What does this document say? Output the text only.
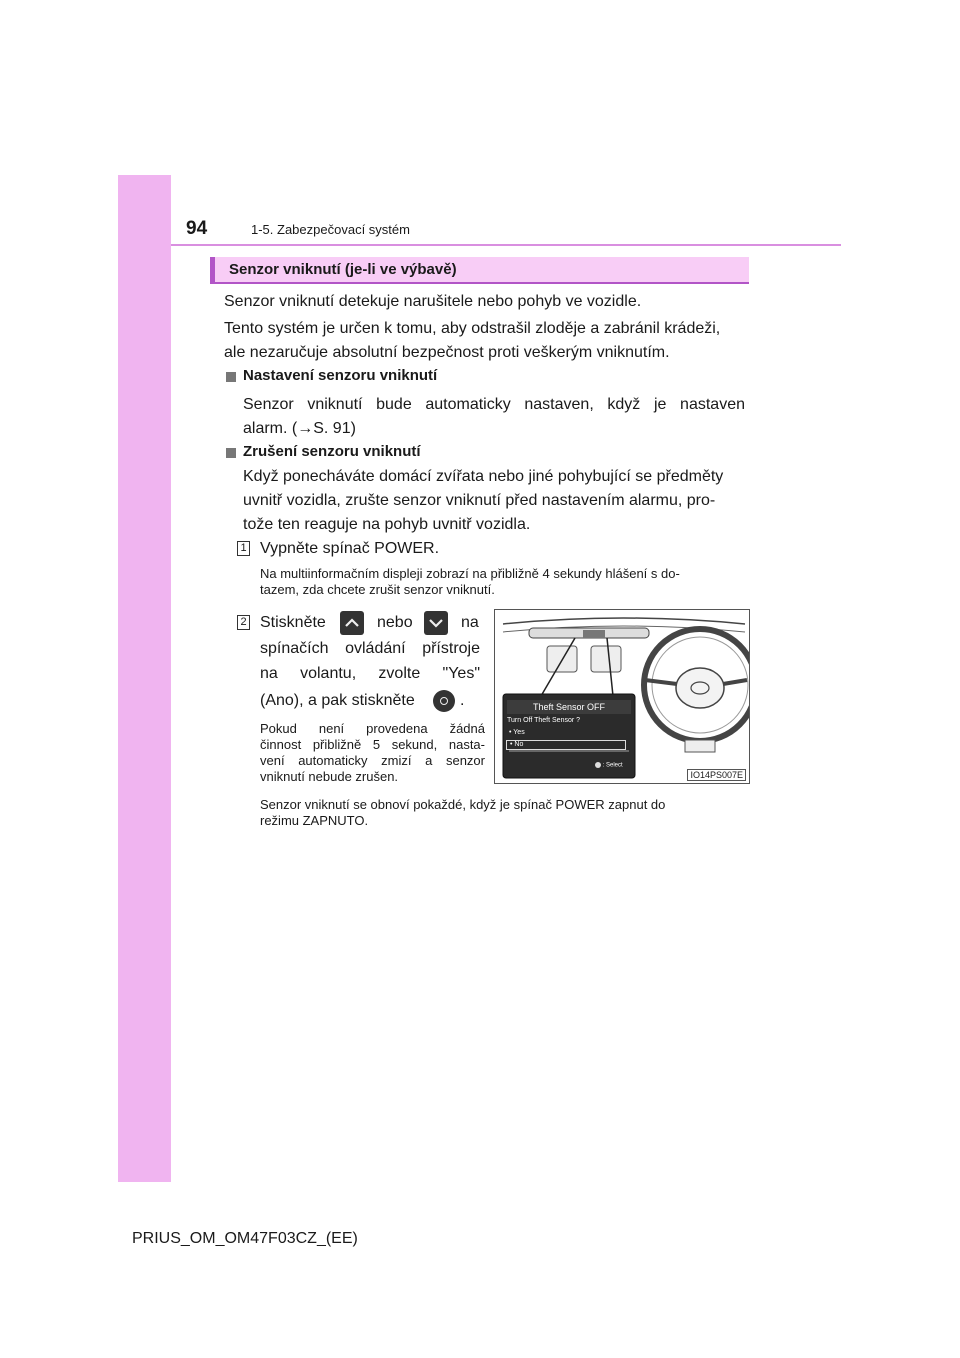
94	1-5. Zabezpečovací systém
Senzor vniknutí (je-li ve výbavě)
Senzor vniknutí detekuje narušitele nebo pohyb ve vozidle.
Tento systém je určen k tomu, aby odstrašil zloděje a zabránil krádeži,
ale nezaručuje absolutní bezpečnost proti veškerým vniknutím.
Nastavení senzoru vniknutí
Senzor vniknutí bude automaticky nastaven, když je nastaven
alarm. (→S. 91)
Zrušení senzoru vniknutí
Když ponecháváte domácí zvířata nebo jiné pohybující se předměty
uvnitř vozidla, zrušte senzor vniknutí před nastavením alarmu, pro-
tože ten reaguje na pohyb uvnitř vozidla.
1 Vypněte spínač POWER.
Na multiinformačním displeji zobrazí na přibližně 4 sekundy hlášení s do-
tazem, zda chcete zrušit senzor vniknutí.
2 Stiskněte	nebo	na
spínačích ovládání přístroje
na volantu, zvolte "Yes"
(Ano), a pak stiskněte	.
Pokud není provedena žádná
činnost přibližně 5 sekund, nasta-
vení automaticky zmizí a senzor
vniknutí nebude zrušen.
Senzor vniknutí se obnoví pokaždé, když je spínač POWER zapnut do
režimu ZAPNUTO.
Theft Sensor OFF
Turn Off Theft Sensor ?
• Yes
• No
: Select
IO14PS007E
PRIUS_OM_OM47F03CZ_(EE)
